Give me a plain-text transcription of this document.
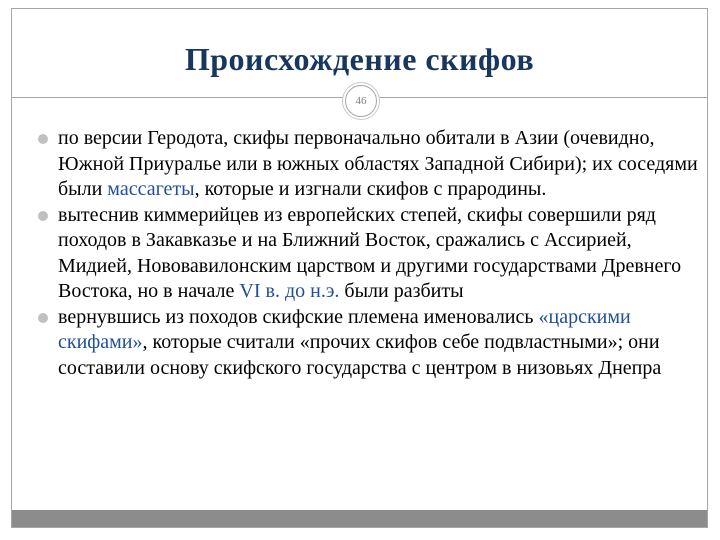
Происхождение скифов
46
по версии Геродота, скифы первоначально обитали в Азии (очевидно, Южной Приуралье или в южных областях Западной Сибири); их соседями были массагеты, которые и изгнали скифов с прародины.
вытеснив киммерийцев из европейских степей, скифы совершили ряд походов в Закавказье и на Ближний Восток, сражались с Ассирией, Мидией, Нововавилонским царством и другими государствами Древнего Востока, но в начале VI в. до н.э. были разбиты
вернувшись из походов скифские племена именовались «царскими скифами», которые считали «прочих скифов себе подвластными»; они составили основу скифского государства с центром в низовьях Днепра
